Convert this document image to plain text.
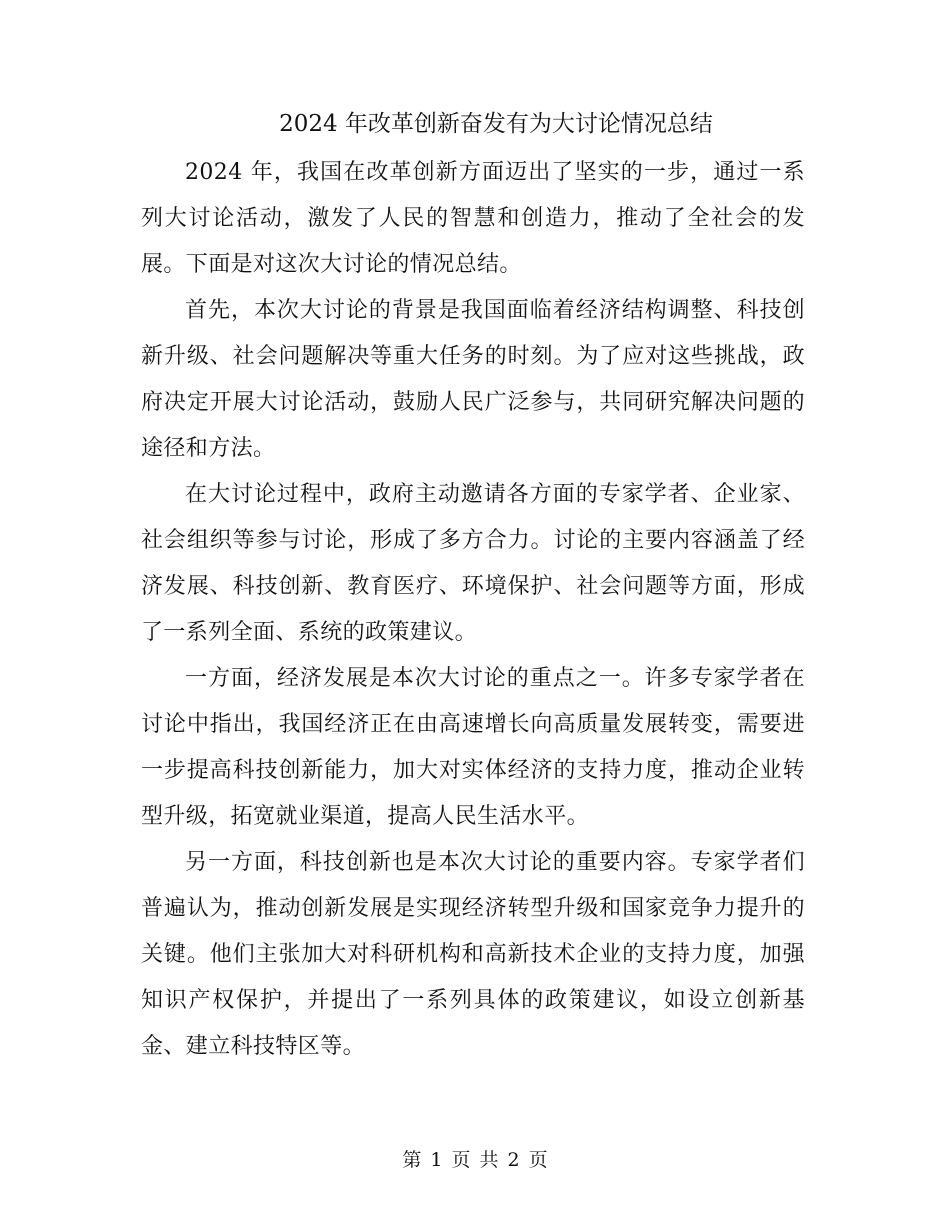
2024 年改革创新奋发有为大讨论情况总结

2024 年，我国在改革创新方面迈出了坚实的一步，通过一系列大讨论活动，激发了人民的智慧和创造力，推动了全社会的发展。下面是对这次大讨论的情况总结。

首先，本次大讨论的背景是我国面临着经济结构调整、科技创新升级、社会问题解决等重大任务的时刻。为了应对这些挑战，政府决定开展大讨论活动，鼓励人民广泛参与，共同研究解决问题的途径和方法。

在大讨论过程中，政府主动邀请各方面的专家学者、企业家、社会组织等参与讨论，形成了多方合力。讨论的主要内容涵盖了经济发展、科技创新、教育医疗、环境保护、社会问题等方面，形成了一系列全面、系统的政策建议。

一方面，经济发展是本次大讨论的重点之一。许多专家学者在讨论中指出，我国经济正在由高速增长向高质量发展转变，需要进一步提高科技创新能力，加大对实体经济的支持力度，推动企业转型升级，拓宽就业渠道，提高人民生活水平。

另一方面，科技创新也是本次大讨论的重要内容。专家学者们普遍认为，推动创新发展是实现经济转型升级和国家竞争力提升的关键。他们主张加大对科研机构和高新技术企业的支持力度，加强知识产权保护，并提出了一系列具体的政策建议，如设立创新基金、建立科技特区等。

第 1 页 共 2 页
